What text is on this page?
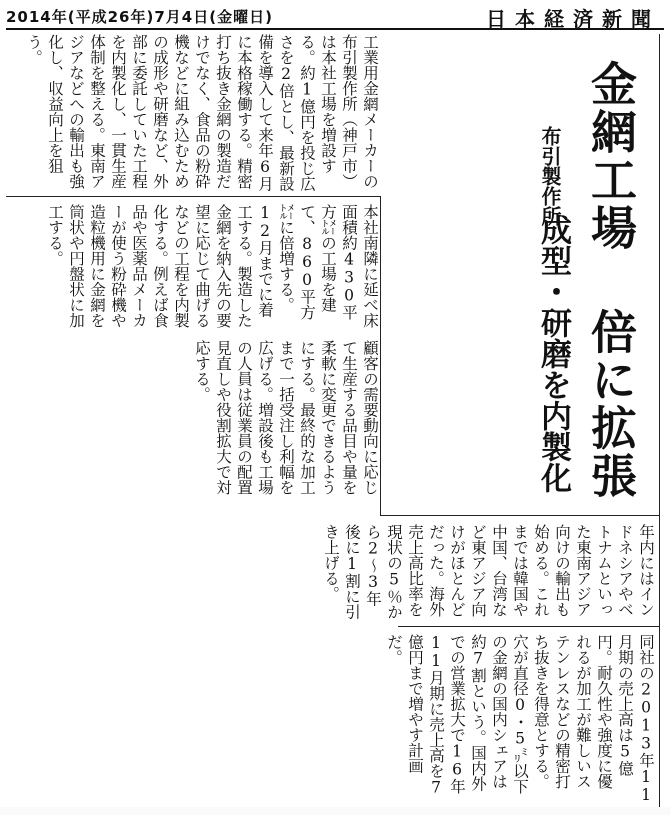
2014年(平成26年)7月4日(金曜日)	日本経済新聞
金網工場 倍に拡張
布引製作所
成型・研磨を内製化

工業用金網メーカーの布引製作所（神戸市）は本社工場を増設する。約1億円を投じ広さを2倍とし、最新設備を導入して来年6月に本格稼働する。精密打ち抜き金網の製造だけでなく、食品の粉砕機などに組み込むための成形や研磨など、外部に委託していた工程を内製化し、一貫生産体制を整える。東南アジアなどへの輸出も強化し、収益向上を狙う。

本社南隣に延べ床面積約430平方㍍の工場を建て、860平方㍍に倍増する。12月までに着工する。製造した金網を納入先の要望に応じて曲げるなどの工程を内製化する。例えば食品や医薬品メーカーが使う粉砕機や造粒機用に金網を筒状や円盤状に加工する。

顧客の需要動向に応じて生産する品目や量を柔軟に変更できるようにする。最終的な加工まで一括受注し利幅を広げる。増設後も工場の人員は従業員の配置見直しや役割拡大で対応する。

年内にはインドネシアやベトナムといった東南アジア向けの輸出も始める。これまでは韓国や中国、台湾など東アジア向けがほとんどだった。海外売上高比率を現状の5％から2～3年後に1割に引き上げる。

同社の2013年11月期の売上高は5億円。耐久性や強度に優れるが加工が難しいステンレスなどの精密打ち抜きを得意とする。穴が直径0・5㍉以下の金網の国内シェアは約7割という。国内外での営業拡大で16年11月期に売上高を7億円まで増やす計画だ。
